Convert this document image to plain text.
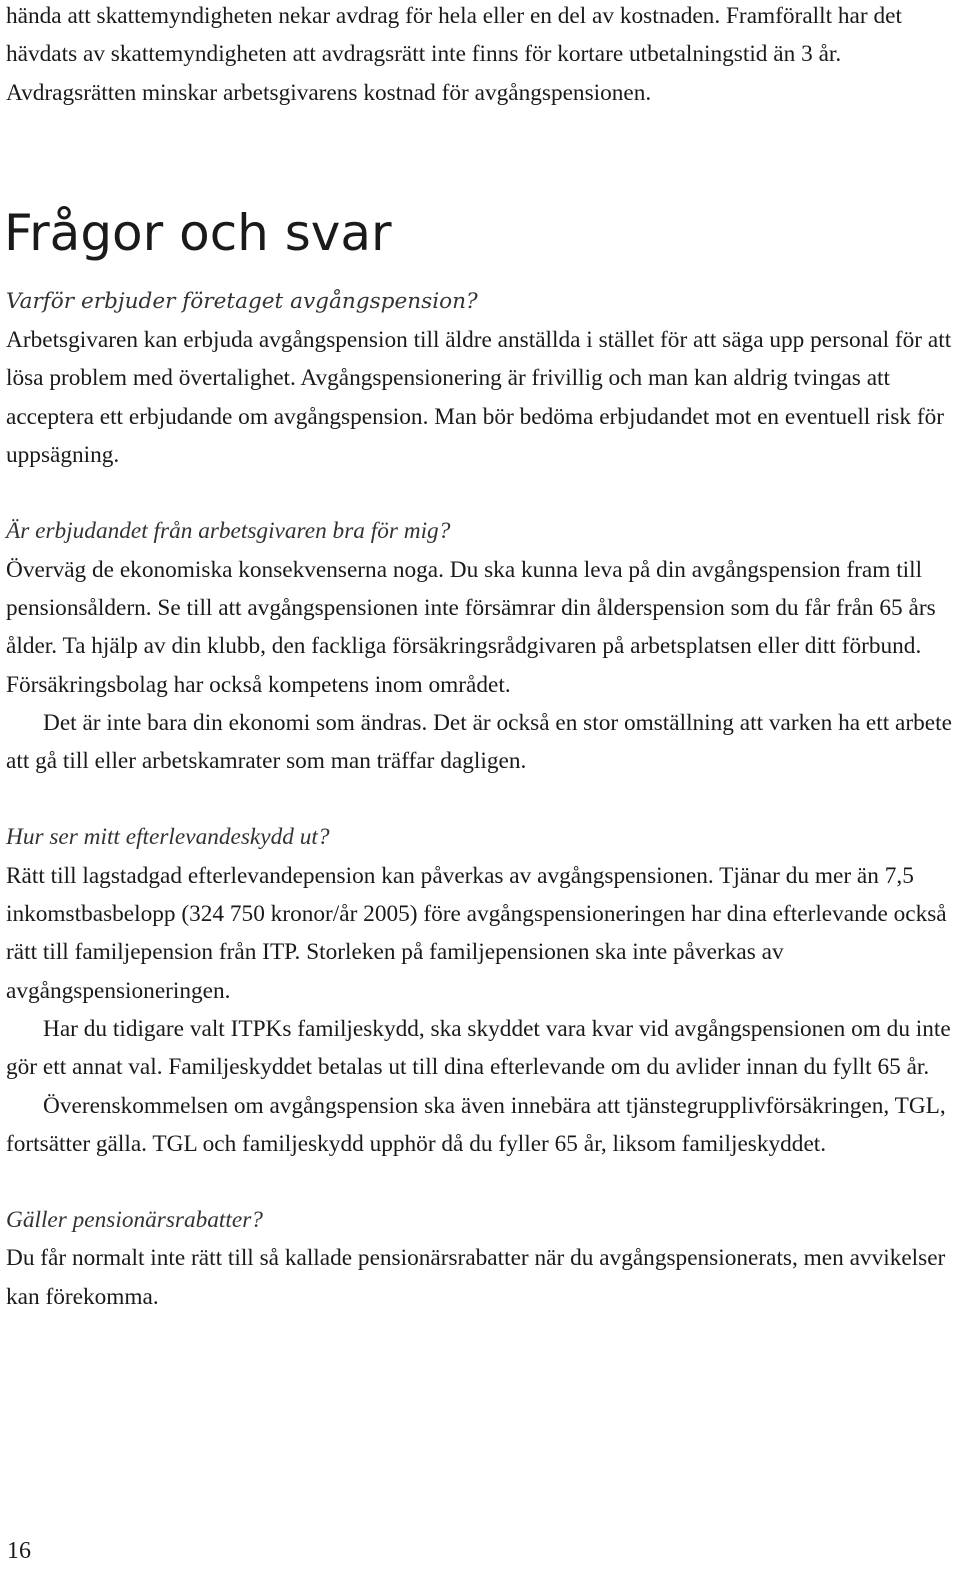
hända att skattemyndigheten nekar avdrag för hela eller en del av kostnaden. Framförallt har det hävdats av skattemyndigheten att avdragsrätt inte finns för kortare utbetalningstid än 3 år. Avdragsrätten minskar arbetsgivarens kostnad för avgångspensionen.

Frågor och svar

Varför erbjuder företaget avgångspension?

Arbetsgivaren kan erbjuda avgångspension till äldre anställda i stället för att säga upp personal för att lösa problem med övertalighet. Avgångspensionering är frivillig och man kan aldrig tvingas att acceptera ett erbjudande om avgångspension. Man bör bedöma erbjudandet mot en eventuell risk för uppsägning.

Är erbjudandet från arbetsgivaren bra för mig?

Överväg de ekonomiska konsekvenserna noga. Du ska kunna leva på din avgångspension fram till pensionsåldern. Se till att avgångspensionen inte försämrar din ålderspension som du får från 65 års ålder. Ta hjälp av din klubb, den fackliga försäkringsrådgivaren på arbetsplatsen eller ditt förbund. Försäkringsbolag har också kompetens inom området.

Det är inte bara din ekonomi som ändras. Det är också en stor omställning att varken ha ett arbete att gå till eller arbetskamrater som man träffar dagligen.

Hur ser mitt efterlevandeskydd ut?

Rätt till lagstadgad efterlevandepension kan påverkas av avgångspensionen. Tjänar du mer än 7,5 inkomstbasbelopp (324 750 kronor/år 2005) före avgångspensioneringen har dina efterlevande också rätt till familjepension från ITP. Storleken på familjepensionen ska inte påverkas av avgångspensioneringen.

Har du tidigare valt ITPKs familjeskydd, ska skyddet vara kvar vid avgångspensionen om du inte gör ett annat val. Familjeskyddet betalas ut till dina efterlevande om du avlider innan du fyllt 65 år.

Överenskommelsen om avgångspension ska även innebära att tjänstegrupplivförsäkringen, TGL, fortsätter gälla. TGL och familjeskydd upphör då du fyller 65 år, liksom familjeskyddet.

Gäller pensionärsrabatter?

Du får normalt inte rätt till så kallade pensionärsrabatter när du avgångspensionerats, men avvikelser kan förekomma.

16
